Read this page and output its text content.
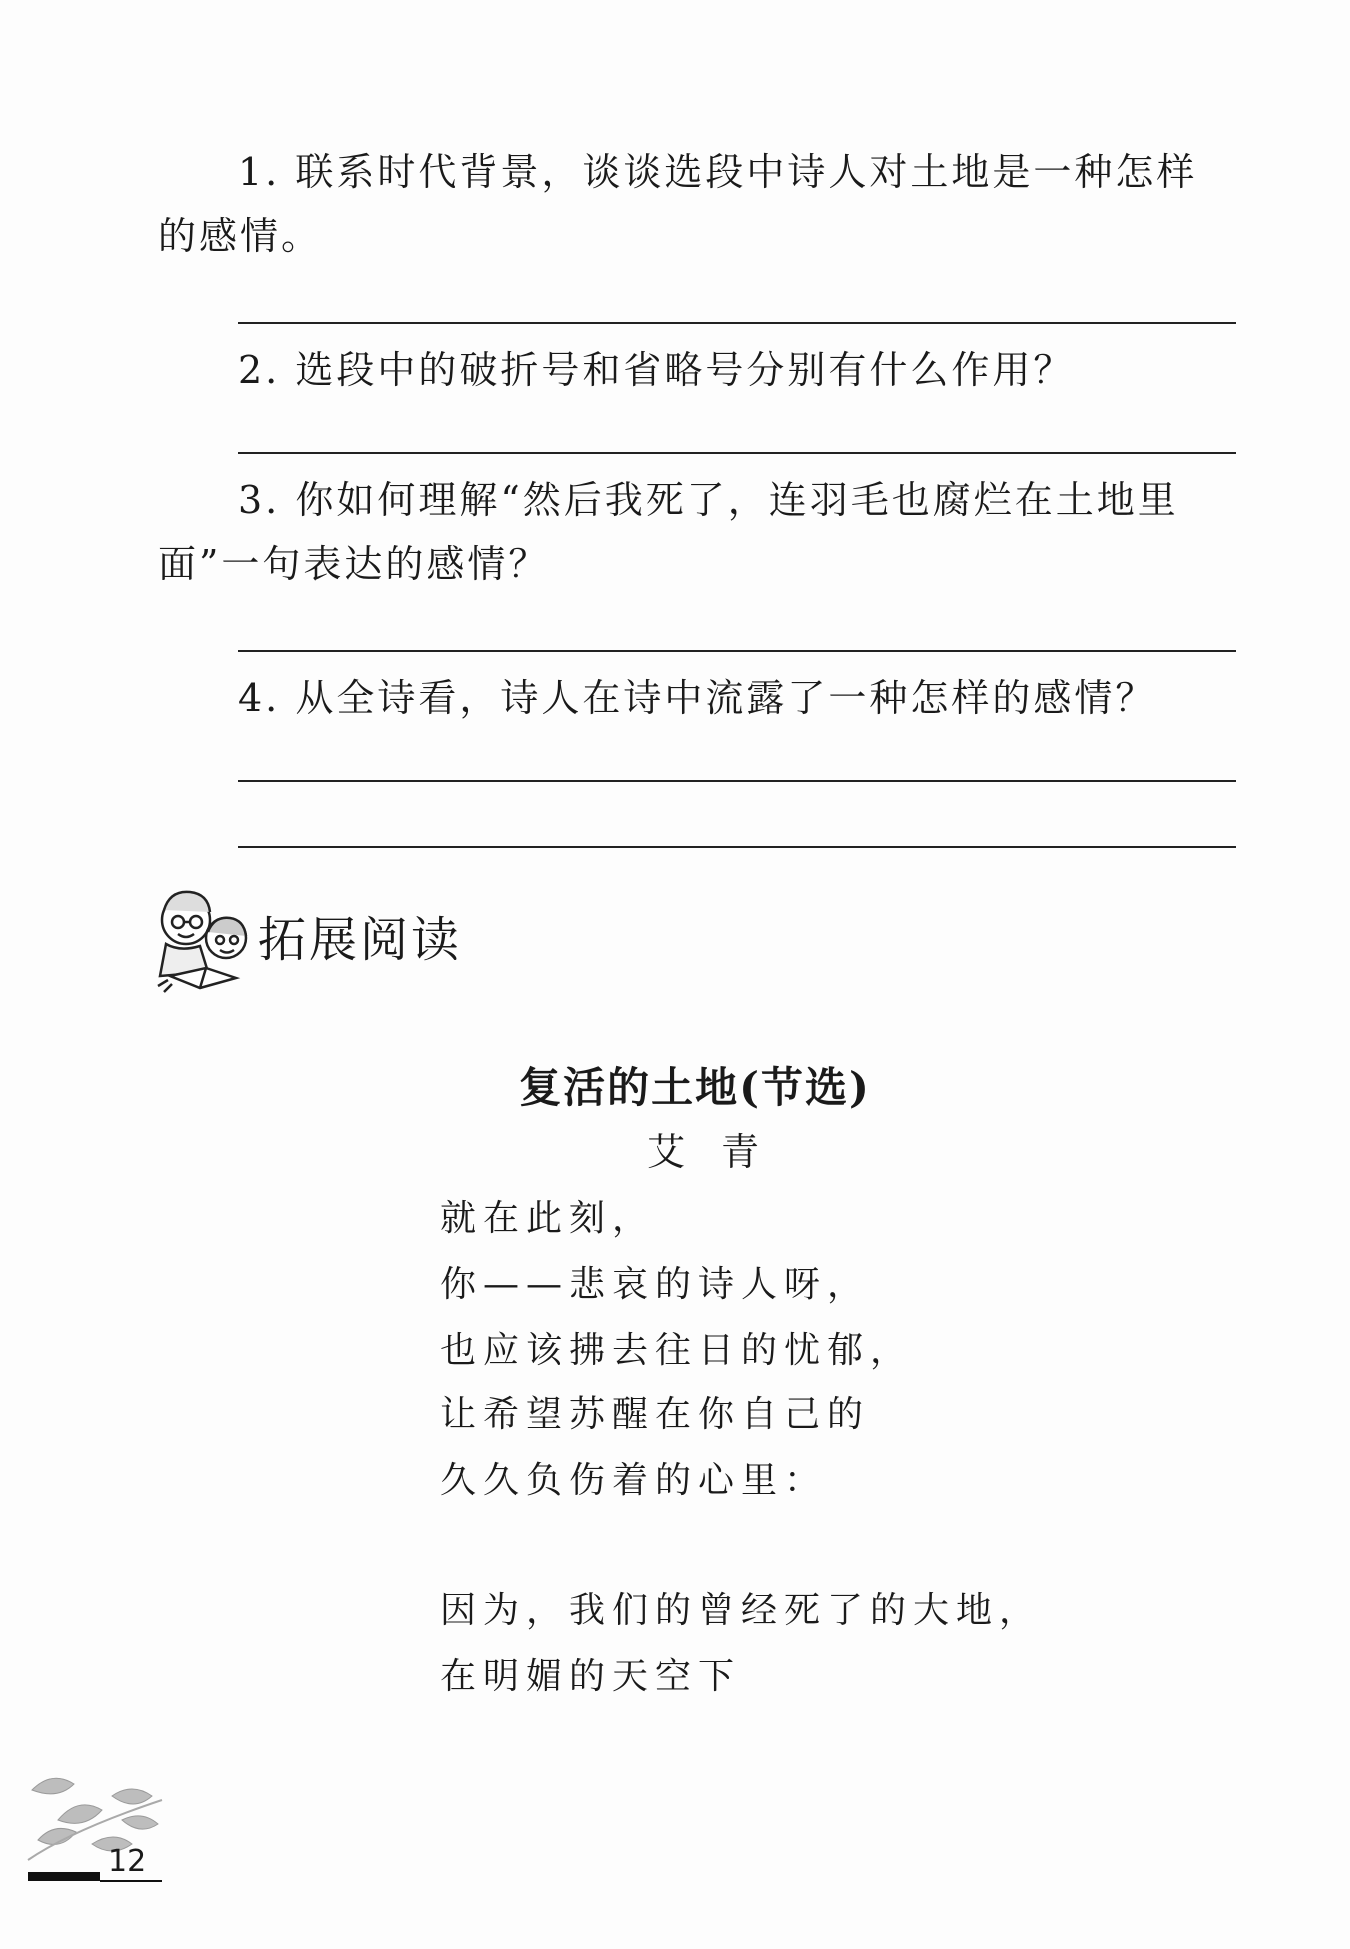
1. 联系时代背景，谈谈选段中诗人对土地是一种怎样的感情。

2. 选段中的破折号和省略号分别有什么作用？

3. 你如何理解“然后我死了，连羽毛也腐烂在土地里面”一句表达的感情？

4. 从全诗看，诗人在诗中流露了一种怎样的感情？

拓展阅读
复活的土地(节选)
艾青
就在此刻，
你——悲哀的诗人呀，
也应该拂去往日的忧郁，
让希望苏醒在你自己的
久久负伤着的心里：
因为，我们的曾经死了的大地，
在明媚的天空下
12
